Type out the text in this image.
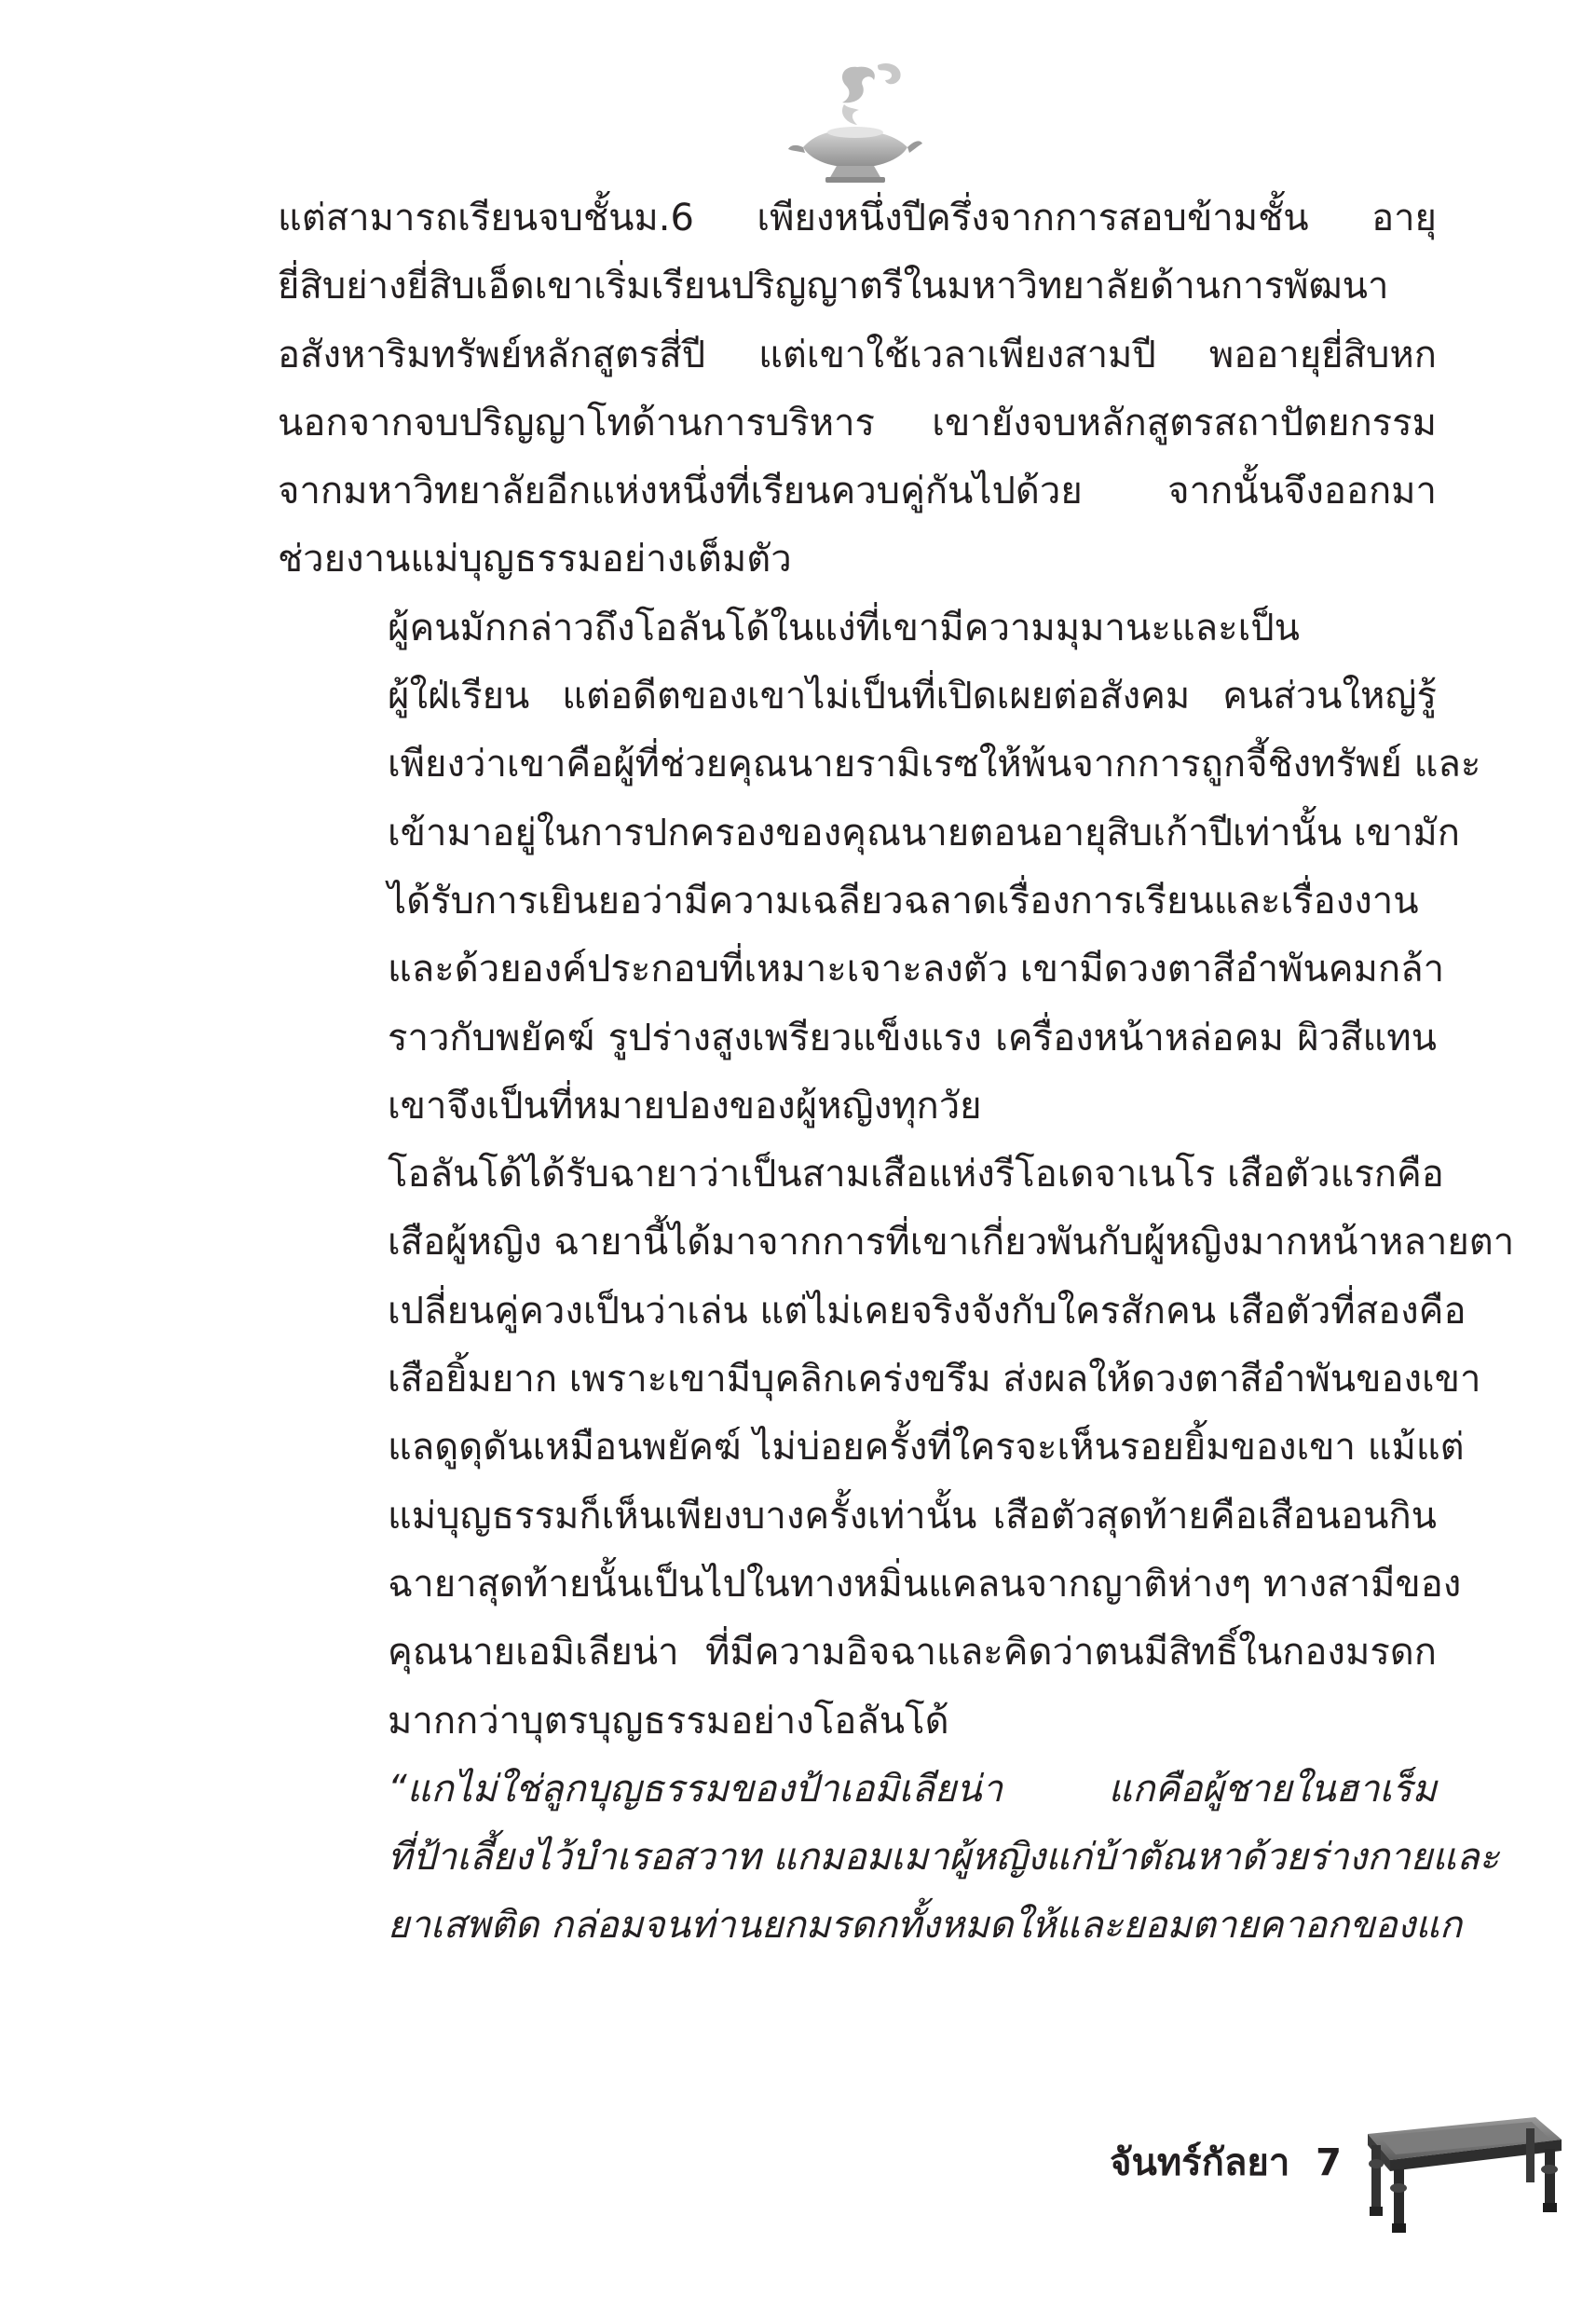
แต่สามารถเรียนจบชั้นม.6 เพียงหนึ่งปีครึ่งจากการสอบข้ามชั้น อายุ
ยี่สิบย่างยี่สิบเอ็ดเขาเริ่มเรียนปริญญาตรีในมหาวิทยาลัยด้านการพัฒนา
อสังหาริมทรัพย์หลักสูตรสี่ปี แต่เขาใช้เวลาเพียงสามปี พออายุยี่สิบหก
นอกจากจบปริญญาโทด้านการบริหาร เขายังจบหลักสูตรสถาปัตยกรรม
จากมหาวิทยาลัยอีกแห่งหนึ่งที่เรียนควบคู่กันไปด้วย จากนั้นจึงออกมา
ช่วยงานแม่บุญธรรมอย่างเต็มตัว

ผู้คนมักกล่าวถึงโอลันโด้ในแง่ที่เขามีความมุมานะและเป็น
ผู้ใฝ่เรียน แต่อดีตของเขาไม่เป็นที่เปิดเผยต่อสังคม คนส่วนใหญ่รู้
เพียงว่าเขาคือผู้ที่ช่วยคุณนายรามิเรซให้พ้นจากการถูกจี้ชิงทรัพย์ และ
เข้ามาอยู่ในการปกครองของคุณนายตอนอายุสิบเก้าปีเท่านั้น เขามัก
ได้รับการเยินยอว่ามีความเฉลียวฉลาดเรื่องการเรียนและเรื่องงาน
และด้วยองค์ประกอบที่เหมาะเจาะลงตัว เขามีดวงตาสีอำพันคมกล้า
ราวกับพยัคฆ์ รูปร่างสูงเพรียวแข็งแรง เครื่องหน้าหล่อคม ผิวสีแทน
เขาจึงเป็นที่หมายปองของผู้หญิงทุกวัย

โอลันโด้ได้รับฉายาว่าเป็นสามเสือแห่งรีโอเดจาเนโร เสือตัวแรกคือ
เสือผู้หญิง ฉายานี้ได้มาจากการที่เขาเกี่ยวพันกับผู้หญิงมากหน้าหลายตา
เปลี่ยนคู่ควงเป็นว่าเล่น แต่ไม่เคยจริงจังกับใครสักคน เสือตัวที่สองคือ
เสือยิ้มยาก เพราะเขามีบุคลิกเคร่งขรึม ส่งผลให้ดวงตาสีอำพันของเขา
แลดูดุดันเหมือนพยัคฆ์ ไม่บ่อยครั้งที่ใครจะเห็นรอยยิ้มของเขา แม้แต่
แม่บุญธรรมก็เห็นเพียงบางครั้งเท่านั้น เสือตัวสุดท้ายคือเสือนอนกิน
ฉายาสุดท้ายนั้นเป็นไปในทางหมิ่นแคลนจากญาติห่างๆ ทางสามีของ
คุณนายเอมิเลียน่า ที่มีความอิจฉาและคิดว่าตนมีสิทธิ์ในกองมรดก
มากกว่าบุตรบุญธรรมอย่างโอลันโด้

“แกไม่ใช่ลูกบุญธรรมของป้าเอมิเลียน่า แกคือผู้ชายในฮาเร็ม
ที่ป้าเลี้ยงไว้บำเรอสวาท แกมอมเมาผู้หญิงแก่บ้าตัณหาด้วยร่างกายและ
ยาเสพติด กล่อมจนท่านยกมรดกทั้งหมดให้และยอมตายคาอกของแก

จันทร์กัลยา 7
